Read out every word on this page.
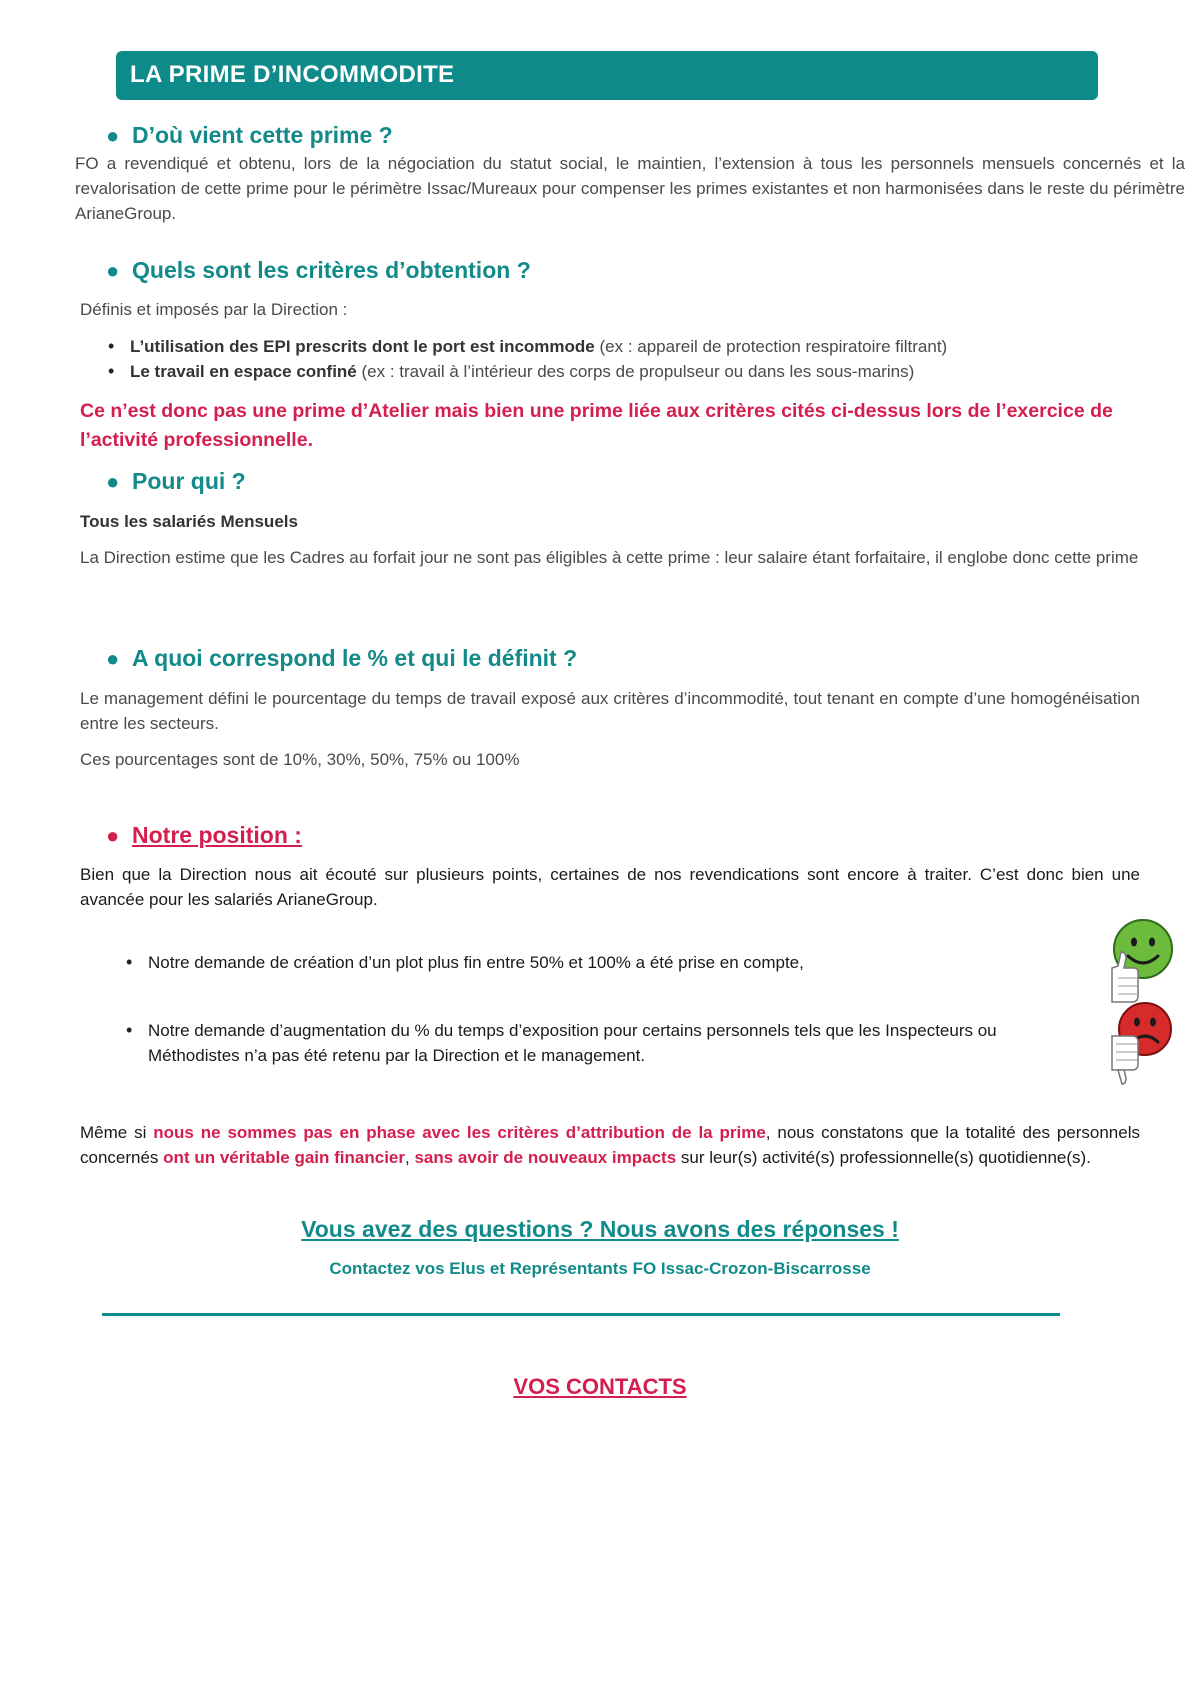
LA PRIME D’INCOMMODITE
● D’où vient cette prime ?
FO a revendiqué et obtenu, lors de la négociation du statut social, le maintien, l’extension à tous les personnels mensuels concernés et la revalorisation de cette prime pour le périmètre Issac/Mureaux pour compenser les primes existantes et non harmonisées dans le reste du périmètre ArianeGroup.
● Quels sont les critères d’obtention ?
Définis et imposés par la Direction :
• L’utilisation des EPI prescrits dont le port est incommode (ex : appareil de protection respiratoire filtrant)
• Le travail en espace confiné (ex : travail à l’intérieur des corps de propulseur ou dans les sous-marins)
Ce n’est donc pas une prime d’Atelier mais bien une prime liée aux critères cités ci-dessus lors de l’exercice de l’activité professionnelle.
● Pour qui ?
Tous les salariés Mensuels
La Direction estime que les Cadres au forfait jour ne sont pas éligibles à cette prime : leur salaire étant forfaitaire, il englobe donc cette prime
● A quoi correspond le % et qui le définit ?
Le management défini le pourcentage du temps de travail exposé aux critères d’incommodité, tout tenant en compte d’une homogénéisation entre les secteurs.
Ces pourcentages sont de 10%, 30%, 50%, 75% ou 100%
● Notre position :
Bien que la Direction nous ait écouté sur plusieurs points, certaines de nos revendications sont encore à traiter. C’est donc bien une avancée pour les salariés ArianeGroup.
• Notre demande de création d’un plot plus fin entre 50% et 100% a été prise en compte,
• Notre demande d’augmentation du % du temps d’exposition pour certains personnels tels que les Inspecteurs ou Méthodistes n’a pas été retenu par la Direction et le management.
Même si nous ne sommes pas en phase avec les critères d’attribution de la prime, nous constatons que la totalité des personnels concernés ont un véritable gain financier, sans avoir de nouveaux impacts sur leur(s) activité(s) professionnelle(s) quotidienne(s).
Vous avez des questions ? Nous avons des réponses !
Contactez vos Elus et Représentants FO Issac-Crozon-Biscarrosse
VOS CONTACTS
